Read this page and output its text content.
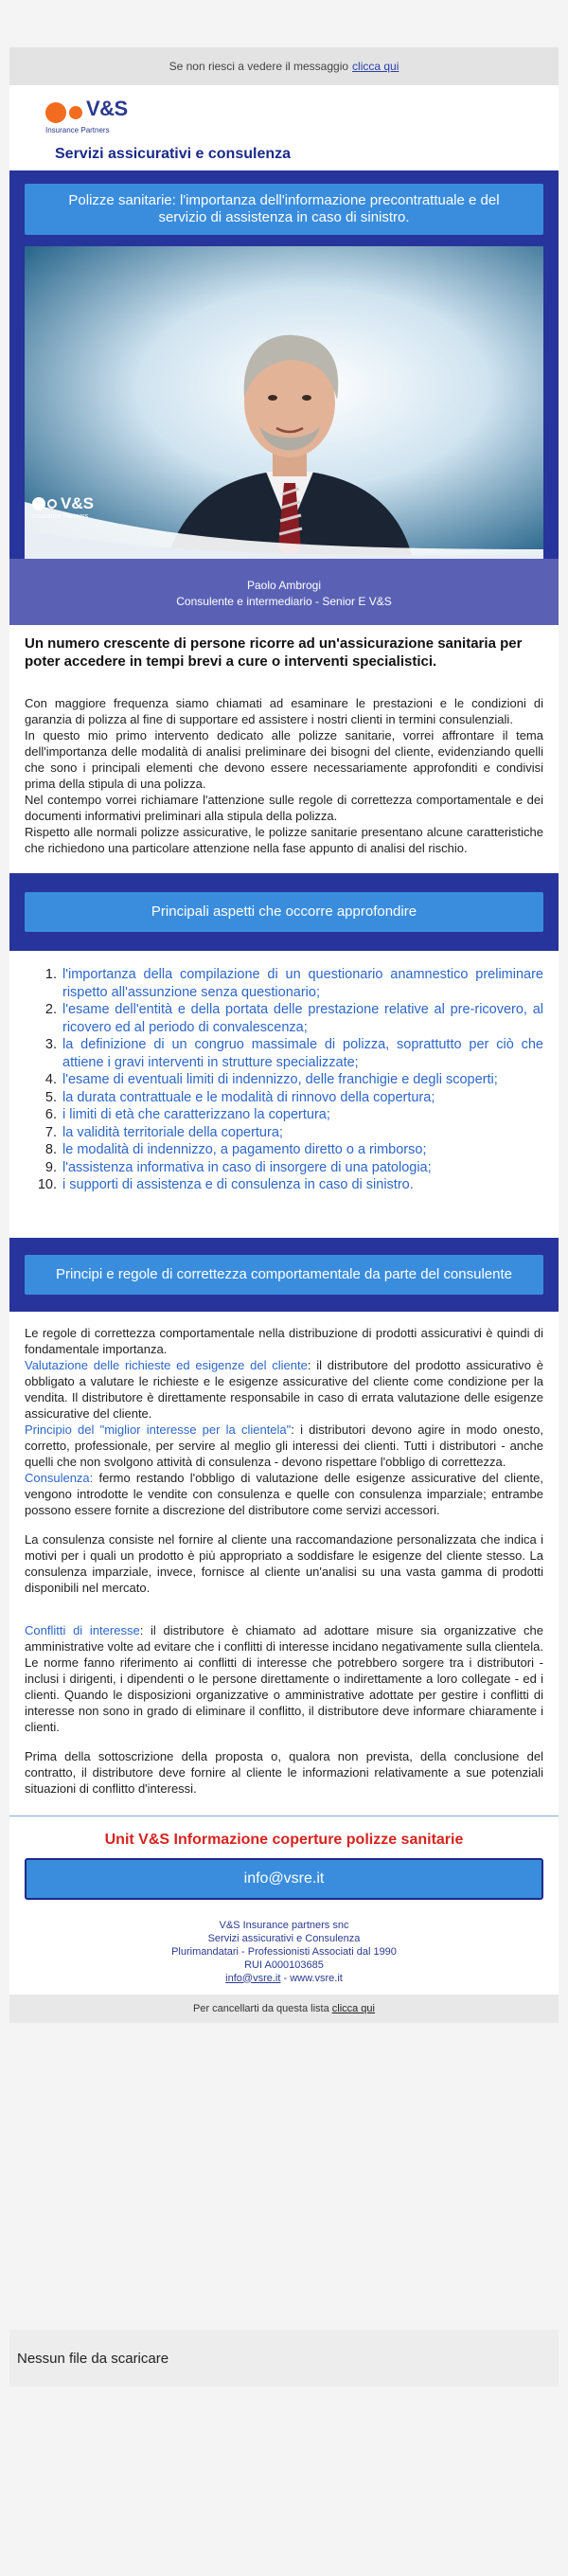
Se non riesci a vedere il messaggio clicca qui
V&S
Insurance Partners
Servizi assicurativi e consulenza
Polizze sanitarie: l'importanza dell'informazione precontrattuale e del servizio di assistenza in caso di sinistro.
V&S
Insurance Partners
Paolo Ambrogi
Consulente e intermediario - Senior E V&S
Un numero crescente di persone ricorre ad un'assicurazione sanitaria per poter accedere in tempi brevi a cure o interventi specialistici.

Con maggiore frequenza siamo chiamati ad esaminare le prestazioni e le condizioni di garanzia di polizza al fine di supportare ed assistere i nostri clienti in termini consulenziali.

In questo mio primo intervento dedicato alle polizze sanitarie, vorrei affrontare il tema dell'importanza delle modalità di analisi preliminare dei bisogni del cliente, evidenziando quelli che sono i principali elementi che devono essere necessariamente approfonditi e condivisi prima della stipula di una polizza.

Nel contempo vorrei richiamare l'attenzione sulle regole di correttezza comportamentale e dei documenti informativi preliminari alla stipula della polizza.

Rispetto alle normali polizze assicurative, le polizze sanitarie presentano alcune caratteristiche che richiedono una particolare attenzione nella fase appunto di analisi del rischio.

Principali aspetti che occorre approfondire
1. l'importanza della compilazione di un questionario anamnestico preliminare rispetto all'assunzione senza questionario;
2. l'esame dell'entità e della portata delle prestazione relative al pre-ricovero, al ricovero ed al periodo di convalescenza;
3. la definizione di un congruo massimale di polizza, soprattutto per ciò che attiene i gravi interventi in strutture specializzate;
4. l'esame di eventuali limiti di indennizzo, delle franchigie e degli scoperti;
5. la durata contrattuale e le modalità di rinnovo della copertura;
6. i limiti di età che caratterizzano la copertura;
7. la validità territoriale della copertura;
8. le modalità di indennizzo, a pagamento diretto o a rimborso;
9. l'assistenza informativa in caso di insorgere di una patologia;
10. i supporti di assistenza e di consulenza in caso di sinistro.
Principi e regole di correttezza comportamentale da parte del consulente

Le regole di correttezza comportamentale nella distribuzione di prodotti assicurativi è quindi di fondamentale importanza.

Valutazione delle richieste ed esigenze del cliente: il distributore del prodotto assicurativo è obbligato a valutare le richieste e le esigenze assicurative del cliente come condizione per la vendita. Il distributore è direttamente responsabile in caso di errata valutazione delle esigenze assicurative del cliente.

Principio del "miglior interesse per la clientela": i distributori devono agire in modo onesto, corretto, professionale, per servire al meglio gli interessi dei clienti. Tutti i distributori - anche quelli che non svolgono attività di consulenza - devono rispettare l'obbligo di correttezza.

Consulenza: fermo restando l'obbligo di valutazione delle esigenze assicurative del cliente, vengono introdotte le vendite con consulenza e quelle con consulenza imparziale; entrambe possono essere fornite a discrezione del distributore come servizi accessori.

La consulenza consiste nel fornire al cliente una raccomandazione personalizzata che indica i motivi per i quali un prodotto è più appropriato a soddisfare le esigenze del cliente stesso. La consulenza imparziale, invece, fornisce al cliente un'analisi su una vasta gamma di prodotti disponibili nel mercato.

Conflitti di interesse: il distributore è chiamato ad adottare misure sia organizzative che amministrative volte ad evitare che i conflitti di interesse incidano negativamente sulla clientela. Le norme fanno riferimento ai conflitti di interesse che potrebbero sorgere tra i distributori - inclusi i dirigenti, i dipendenti o le persone direttamente o indirettamente a loro collegate - ed i clienti. Quando le disposizioni organizzative o amministrative adottate per gestire i conflitti di interesse non sono in grado di eliminare il conflitto, il distributore deve informare chiaramente i clienti.

Prima della sottoscrizione della proposta o, qualora non prevista, della conclusione del contratto, il distributore deve fornire al cliente le informazioni relativamente a sue potenziali situazioni di conflitto d'interessi.

Unit V&S Informazione coperture polizze sanitarie
info@vsre.it
V&S Insurance partners snc
Servizi assicurativi e Consulenza
Plurimandatari - Professionisti Associati dal 1990
RUI A000103685
info@vsre.it - www.vsre.it
Per cancellarti da questa lista clicca qui
Nessun file da scaricare
